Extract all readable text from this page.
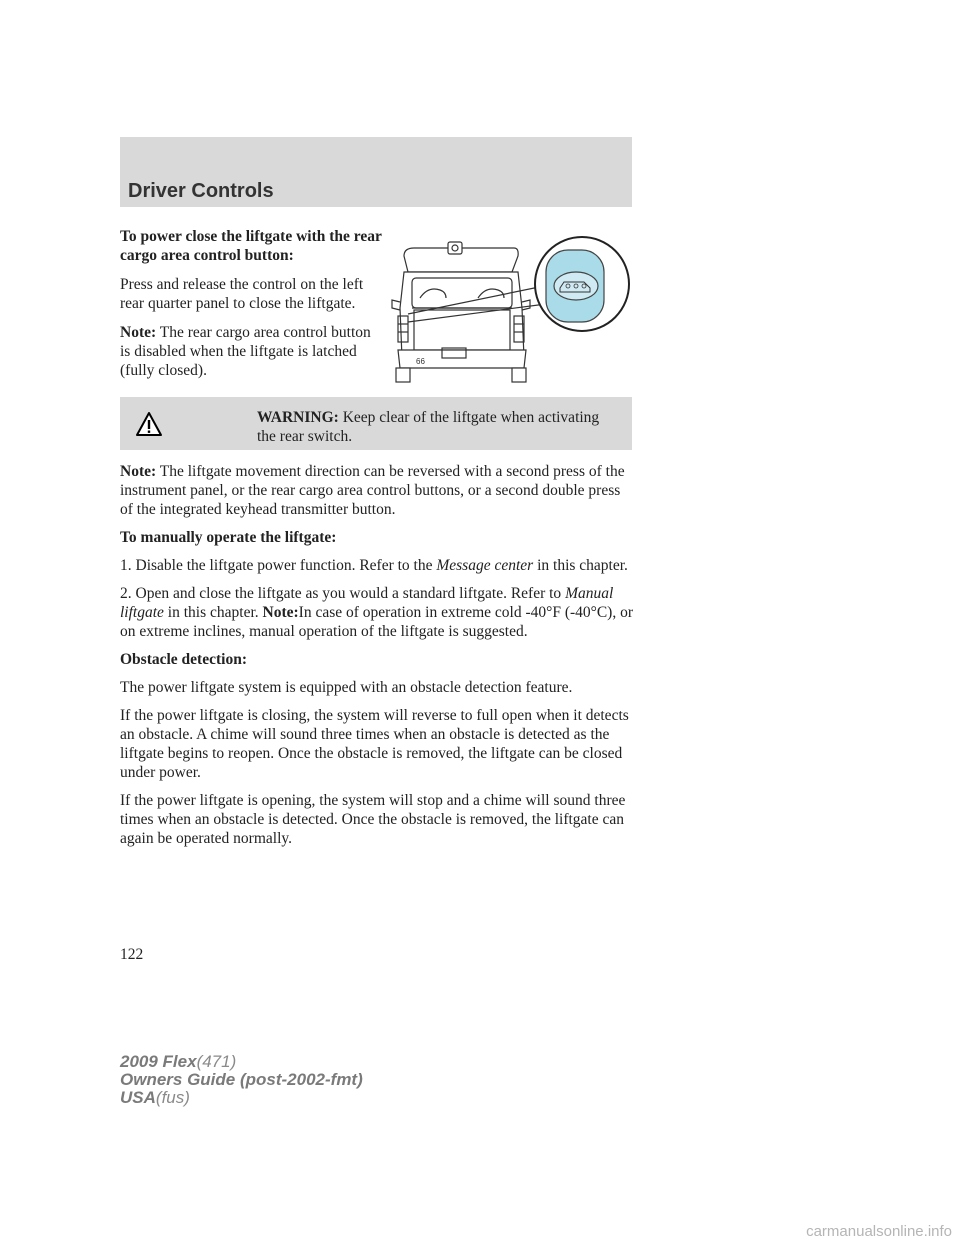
Driver Controls

To power close the liftgate with the rear cargo area control button:

Press and release the control on the left rear quarter panel to close the liftgate.

Note: The rear cargo area control button is disabled when the liftgate is latched (fully closed).

66
WARNING: Keep clear of the liftgate when activating the rear switch.

Note: The liftgate movement direction can be reversed with a second press of the instrument panel, or the rear cargo area control buttons, or a second double press of the integrated keyhead transmitter button.

To manually operate the liftgate:

1. Disable the liftgate power function. Refer to the Message center in this chapter.

2. Open and close the liftgate as you would a standard liftgate. Refer to Manual liftgate in this chapter. Note:In case of operation in extreme cold -40°F (-40°C), or on extreme inclines, manual operation of the liftgate is suggested.

Obstacle detection:

The power liftgate system is equipped with an obstacle detection feature.

If the power liftgate is closing, the system will reverse to full open when it detects an obstacle. A chime will sound three times when an obstacle is detected as the liftgate begins to reopen. Once the obstacle is removed, the liftgate can be closed under power.

If the power liftgate is opening, the system will stop and a chime will sound three times when an obstacle is detected. Once the obstacle is removed, the liftgate can again be operated normally.

122
2009 Flex(471)
Owners Guide (post-2002-fmt)
USA(fus)
carmanualsonline.info
